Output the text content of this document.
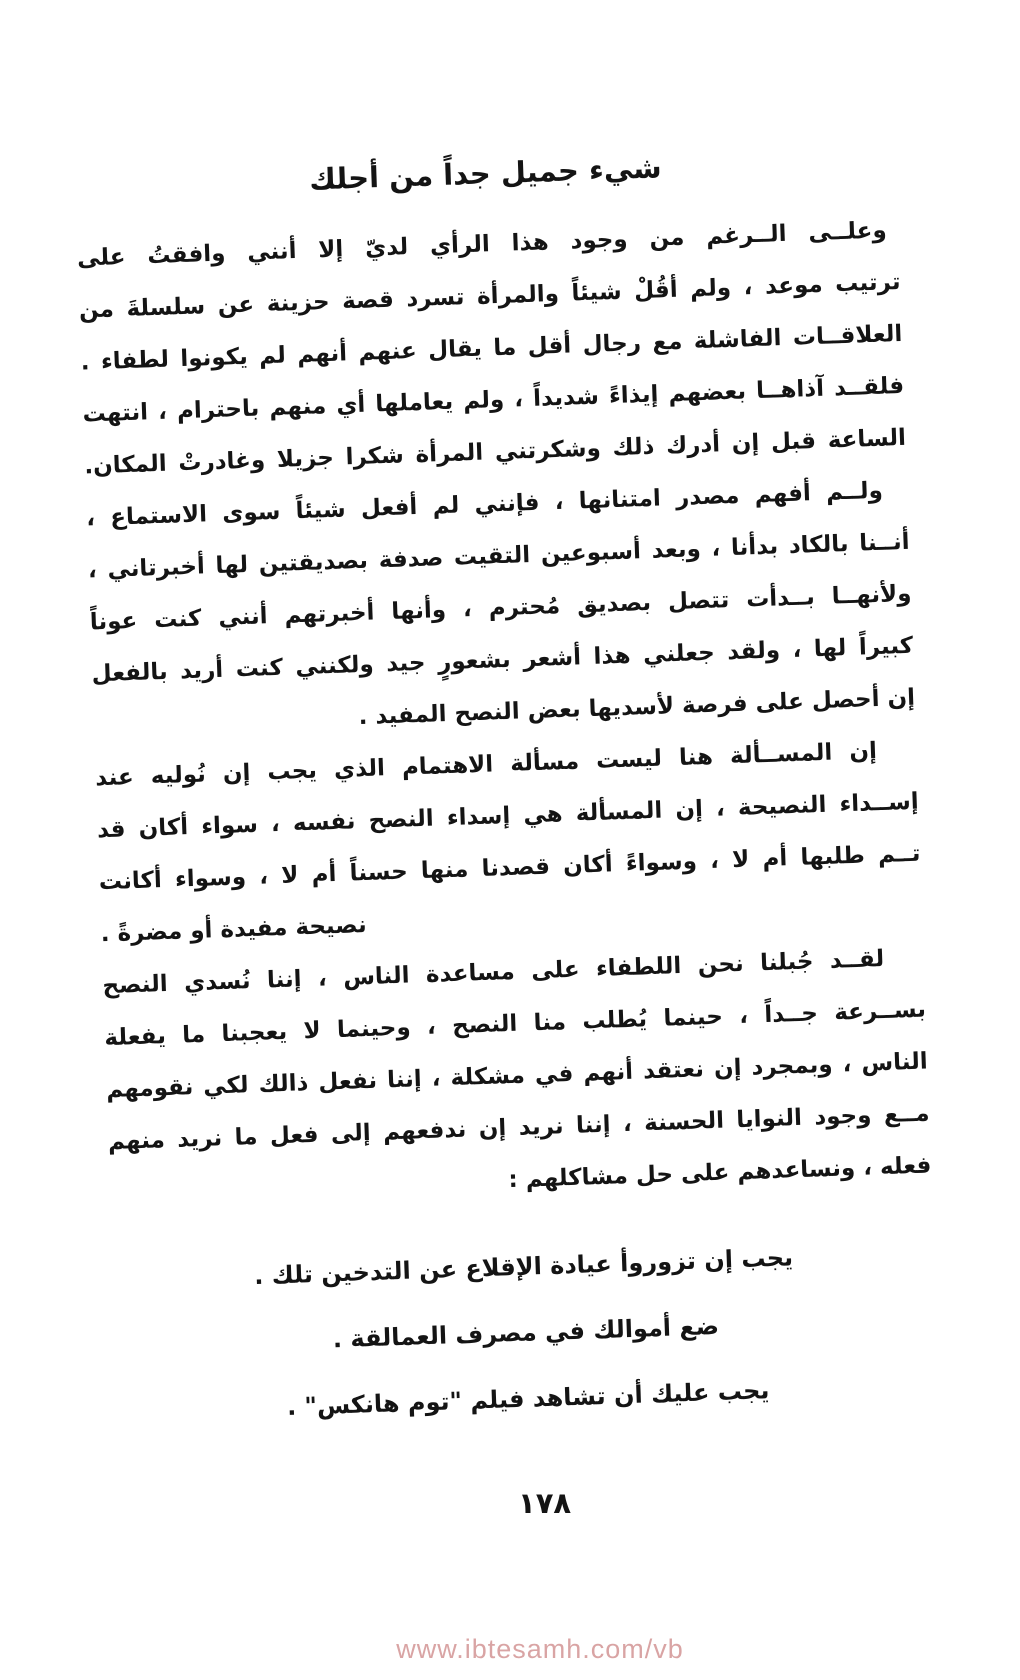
شيء جميل جداً من أجلك
وعلــى الــرغم من وجود هذا الرأي لديّ إلا أنني وافقتُ على
ترتيب موعد ، ولم أقُلْ شيئاً والمرأة تسرد قصة حزينة عن سلسلةَ من
العلاقــات الفاشلة مع رجال أقل ما يقال عنهم أنهم لم يكونوا لطفاء .
فلقــد آذاهــا بعضهم إيذاءً شديداً ، ولم يعاملها أي منهم باحترام ، انتهت
الساعة قبل إن أدرك ذلك وشكرتني المرأة شكرا جزيلا وغادرتْ المكان.
ولــم أفهم مصدر امتنانها ، فإنني لم أفعل شيئاً سوى الاستماع ،
أنــنا بالكاد بدأنا ، وبعد أسبوعين التقيت صدفة بصديقتين لها أخبرتاني ،
ولأنهــا بــدأت تتصل بصديق مُحترم ، وأنها أخبرتهم أنني كنت عوناً
كبيراً لها ، ولقد جعلني هذا أشعر بشعورٍ جيد ولكنني كنت أريد بالفعل
إن أحصل على فرصة لأسديها بعض النصح المفيد .
إن المســألة هنا ليست مسألة الاهتمام الذي يجب إن نُوليه عند
إســداء النصيحة ، إن المسألة هي إسداء النصح نفسه ، سواء أكان قد
تــم طلبها أم لا ، وسواءً أكان قصدنا منها حسناً أم لا ، وسواء أكانت
نصيحة مفيدة أو مضرةً .
لقــد جُبلنا نحن اللطفاء على مساعدة الناس ، إننا نُسدي النصح
بســرعة جــداً ، حينما يُطلب منا النصح ، وحينما لا يعجبنا ما يفعلة
الناس ، وبمجرد إن نعتقد أنهم في مشكلة ، إننا نفعل ذالك لكي نقومهم
مــع وجود النوايا الحسنة ، إننا نريد إن ندفعهم إلى فعل ما نريد منهم
فعله ، ونساعدهم على حل مشاكلهم :
يجب إن تزوروأ عيادة الإقلاع عن التدخين تلك .
ضع أموالك في مصرف العمالقة .
يجب عليك أن تشاهد فيلم "توم هانكس" .
١٧٨
www.ibtesamh.com/vb
